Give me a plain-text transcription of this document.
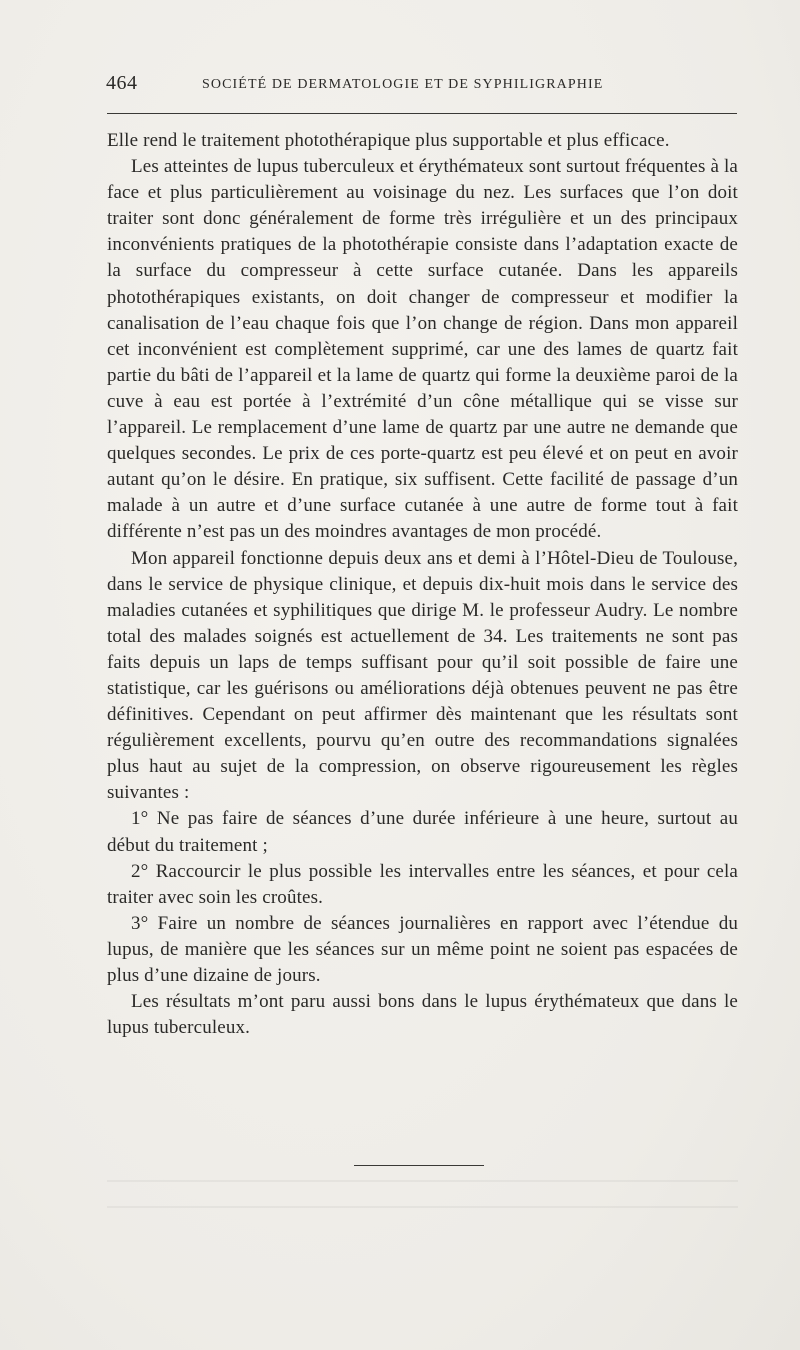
464	SOCIÉTÉ DE DERMATOLOGIE ET DE SYPHILIGRAPHIE

Elle rend le traitement photothérapique plus supportable et plus efficace.

Les atteintes de lupus tuberculeux et érythémateux sont surtout fréquentes à la face et plus particulièrement au voisinage du nez. Les surfaces que l’on doit traiter sont donc généralement de forme très irrégulière et un des principaux inconvénients pratiques de la photothérapie consiste dans l’adaptation exacte de la surface du compresseur à cette surface cutanée. Dans les appareils photothérapiques existants, on doit changer de compresseur et modifier la canalisation de l’eau chaque fois que l’on change de région. Dans mon appareil cet inconvénient est complètement supprimé, car une des lames de quartz fait partie du bâti de l’appareil et la lame de quartz qui forme la deuxième paroi de la cuve à eau est portée à l’extrémité d’un cône métallique qui se visse sur l’appareil. Le remplacement d’une lame de quartz par une autre ne demande que quelques secondes. Le prix de ces porte-quartz est peu élevé et on peut en avoir autant qu’on le désire. En pratique, six suffisent. Cette facilité de passage d’un malade à un autre et d’une surface cutanée à une autre de forme tout à fait différente n’est pas un des moindres avantages de mon procédé.

Mon appareil fonctionne depuis deux ans et demi à l’Hôtel-Dieu de Toulouse, dans le service de physique clinique, et depuis dix-huit mois dans le service des maladies cutanées et syphilitiques que dirige M. le professeur Audry. Le nombre total des malades soignés est actuellement de 34. Les traitements ne sont pas faits depuis un laps de temps suffisant pour qu’il soit possible de faire une statistique, car les guérisons ou améliorations déjà obtenues peuvent ne pas être définitives. Cependant on peut affirmer dès maintenant que les résultats sont régulièrement excellents, pourvu qu’en outre des recommandations signalées plus haut au sujet de la compression, on observe rigoureusement les règles suivantes :

1° Ne pas faire de séances d’une durée inférieure à une heure, surtout au début du traitement ;

2° Raccourcir le plus possible les intervalles entre les séances, et pour cela traiter avec soin les croûtes.

3° Faire un nombre de séances journalières en rapport avec l’étendue du lupus, de manière que les séances sur un même point ne soient pas espacées de plus d’une dizaine de jours.

Les résultats m’ont paru aussi bons dans le lupus érythémateux que dans le lupus tuberculeux.
